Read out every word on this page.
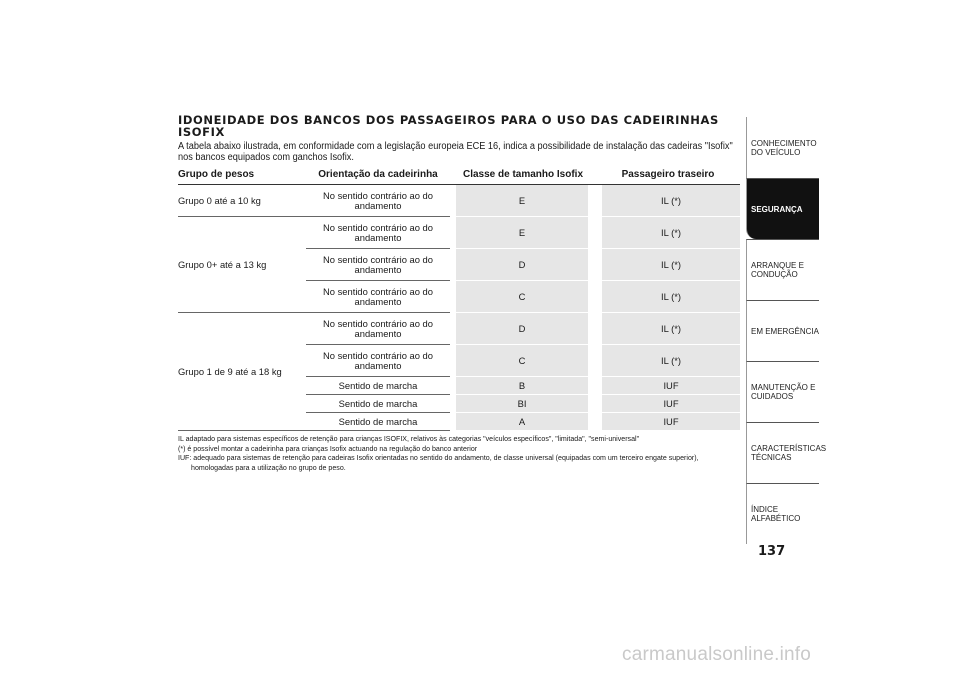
IDONEIDADE DOS BANCOS DOS PASSAGEIROS PARA O USO DAS CADEIRINHAS ISOFIX

A tabela abaixo ilustrada, em conformidade com a legislação europeia ECE 16, indica a possibilidade de instalação das cadeiras "Isofix" nos bancos equipados com ganchos Isofix.

Grupo de pesos	Orientação da cadeirinha	Classe de tamanho Isofix	Passageiro traseiro
Grupo 0 até a 10 kg	No sentido contrário ao do andamento	E	IL (*)

Grupo 0+ até a 13 kg	No sentido contrário ao do andamento	E	IL (*)

	No sentido contrário ao do andamento	D	IL (*)

	No sentido contrário ao do andamento	C	IL (*)

Grupo 1 de 9 até a 18 kg	No sentido contrário ao do andamento	D	IL (*)

	No sentido contrário ao do andamento	C	IL (*)

	Sentido de marcha	B	IUF

	Sentido de marcha	BI	IUF

	Sentido de marcha	A	IUF

IL adaptado para sistemas específicos de retenção para crianças ISOFIX, relativos às categorias "veículos específicos", "limitada", "semi-universal"

(*) é possível montar a cadeirinha para crianças Isofix actuando na regulação do banco anterior

IUF: adequado para sistemas de retenção para cadeiras Isofix orientadas no sentido do andamento, de classe universal (equipadas com um terceiro engate superior),

homologadas para a utilização no grupo de peso.

CONHECIMENTO DO VEÍCULO
SEGURANÇA
ARRANQUE E CONDUÇÃO
EM EMERGÊNCIA
MANUTENÇÃO E CUIDADOS
CARACTERÍSTICAS TÉCNICAS
ÍNDICE ALFABÉTICO
137
carmanualsonline.info
